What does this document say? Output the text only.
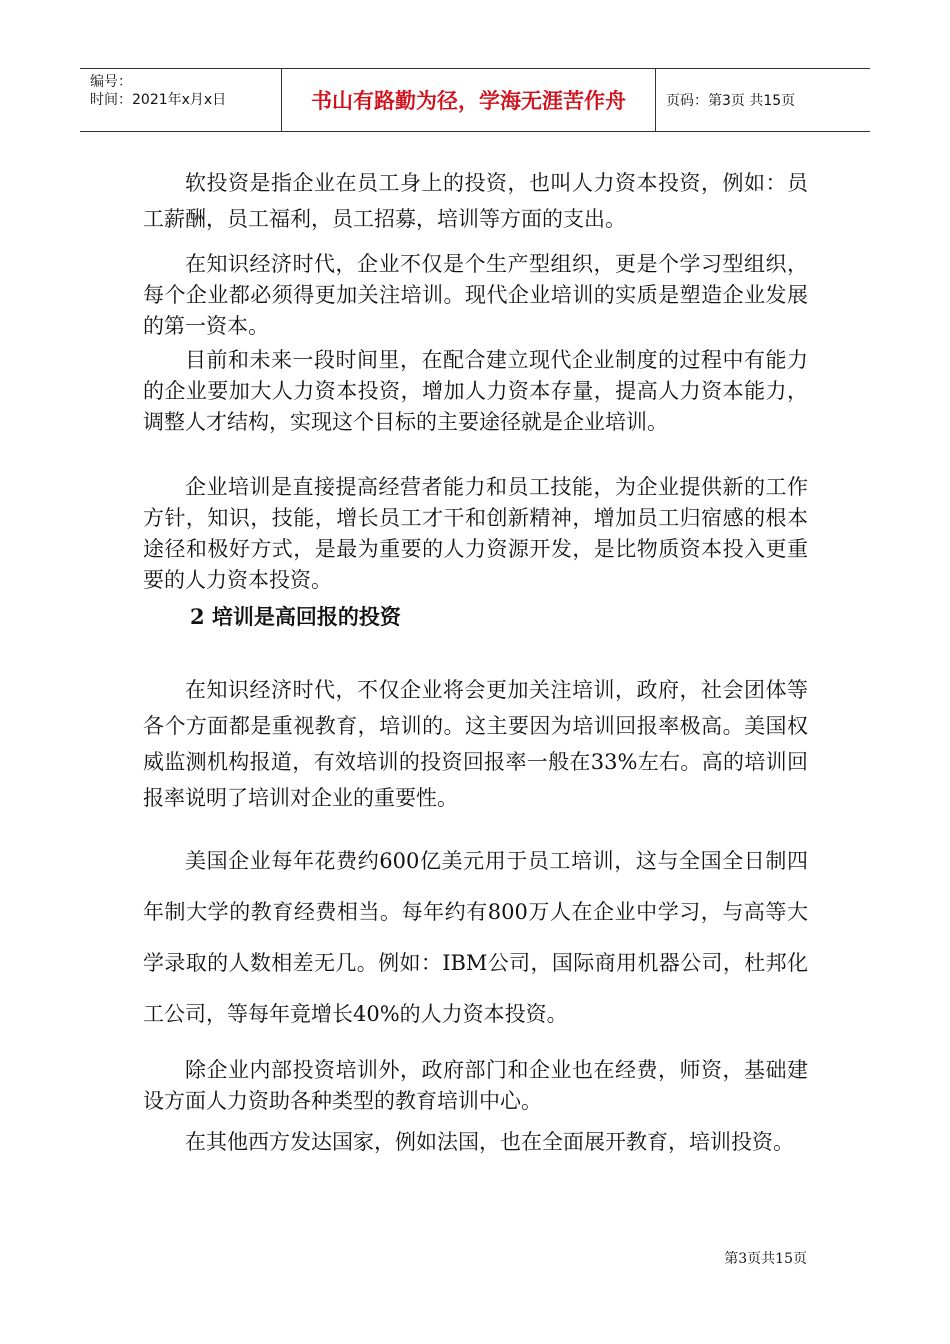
编号：
时间：2021年x月x日	书山有路勤为径，学海无涯苦作舟	页码：第3页 共15页

软投资是指企业在员工身上的投资，也叫人力资本投资，例如：员工薪酬，员工福利，员工招募，培训等方面的支出。

在知识经济时代，企业不仅是个生产型组织，更是个学习型组织，每个企业都必须得更加关注培训。现代企业培训的实质是塑造企业发展的第一资本。

目前和未来一段时间里，在配合建立现代企业制度的过程中有能力的企业要加大人力资本投资，增加人力资本存量，提高人力资本能力，调整人才结构，实现这个目标的主要途径就是企业培训。

企业培训是直接提高经营者能力和员工技能，为企业提供新的工作方针，知识，技能，增长员工才干和创新精神，增加员工归宿感的根本途径和极好方式，是最为重要的人力资源开发，是比物质资本投入更重要的人力资本投资。

2 培训是高回报的投资

在知识经济时代，不仅企业将会更加关注培训，政府，社会团体等各个方面都是重视教育，培训的。这主要因为培训回报率极高。美国权威监测机构报道，有效培训的投资回报率一般在33%左右。高的培训回报率说明了培训对企业的重要性。

美国企业每年花费约600亿美元用于员工培训，这与全国全日制四年制大学的教育经费相当。每年约有800万人在企业中学习，与高等大学录取的人数相差无几。例如：IBM公司，国际商用机器公司，杜邦化工公司，等每年竟增长40%的人力资本投资。

除企业内部投资培训外，政府部门和企业也在经费，师资，基础建设方面人力资助各种类型的教育培训中心。

在其他西方发达国家，例如法国，也在全面展开教育，培训投资。

第3页共15页
